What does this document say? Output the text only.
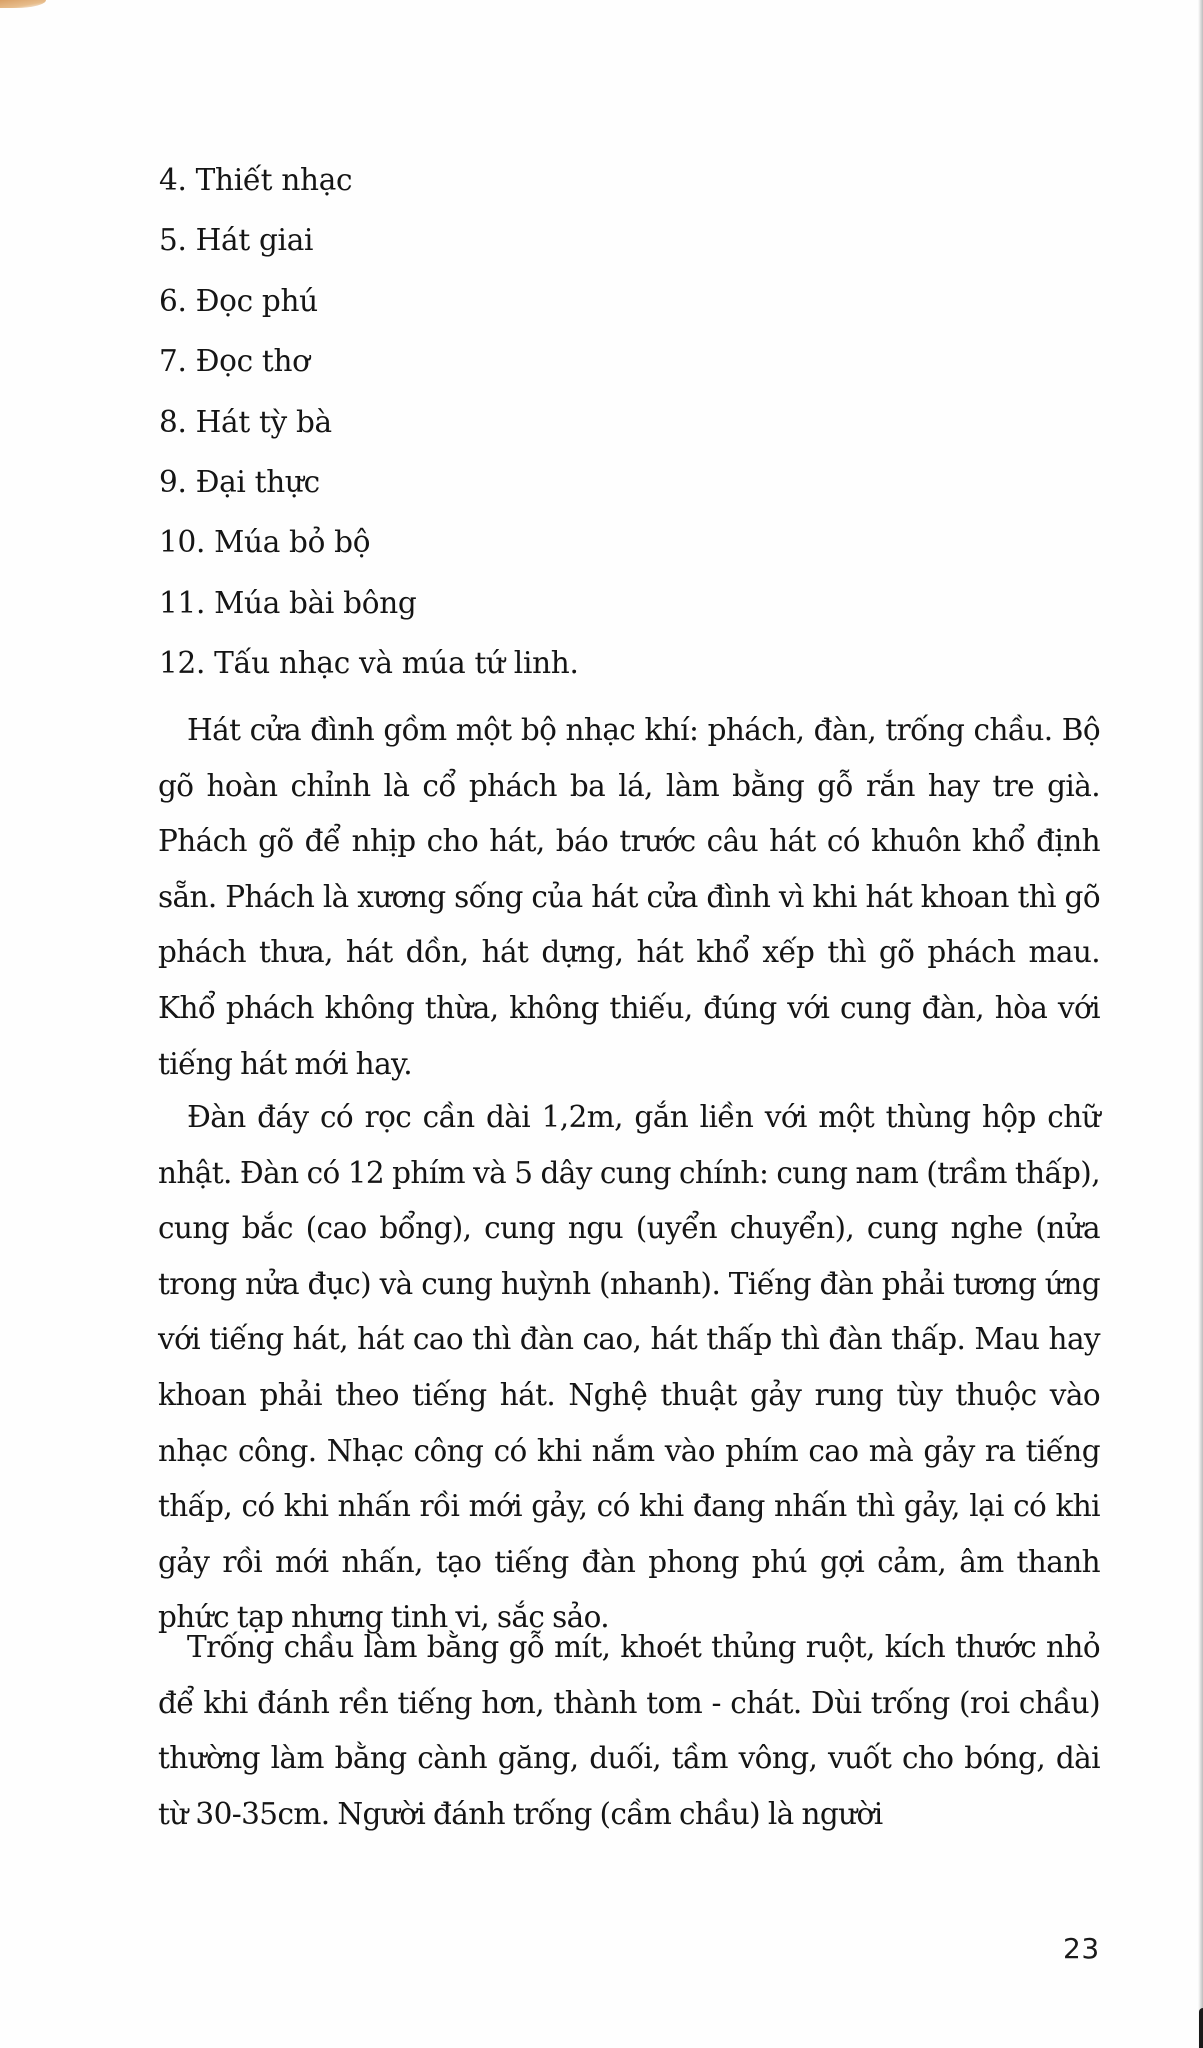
4. Thiết nhạc
5. Hát giai
6. Đọc phú
7. Đọc thơ
8. Hát tỳ bà
9. Đại thực
10. Múa bỏ bộ
11. Múa bài bông
12. Tấu nhạc và múa tứ linh.

Hát cửa đình gồm một bộ nhạc khí: phách, đàn, trống chầu. Bộ gõ hoàn chỉnh là cổ phách ba lá, làm bằng gỗ rắn hay tre già. Phách gõ để nhịp cho hát, báo trước câu hát có khuôn khổ định sẵn. Phách là xương sống của hát cửa đình vì khi hát khoan thì gõ phách thưa, hát dồn, hát dựng, hát khổ xếp thì gõ phách mau. Khổ phách không thừa, không thiếu, đúng với cung đàn, hòa với tiếng hát mới hay.

Đàn đáy có rọc cần dài 1,2m, gắn liền với một thùng hộp chữ nhật. Đàn có 12 phím và 5 dây cung chính: cung nam (trầm thấp), cung bắc (cao bổng), cung ngu (uyển chuyển), cung nghe (nửa trong nửa đục) và cung huỳnh (nhanh). Tiếng đàn phải tương ứng với tiếng hát, hát cao thì đàn cao, hát thấp thì đàn thấp. Mau hay khoan phải theo tiếng hát. Nghệ thuật gảy rung tùy thuộc vào nhạc công. Nhạc công có khi nắm vào phím cao mà gảy ra tiếng thấp, có khi nhấn rồi mới gảy, có khi đang nhấn thì gảy, lại có khi gảy rồi mới nhấn, tạo tiếng đàn phong phú gợi cảm, âm thanh phức tạp nhưng tinh vi, sắc sảo.

Trống chầu làm bằng gỗ mít, khoét thủng ruột, kích thước nhỏ để khi đánh rền tiếng hơn, thành tom - chát. Dùi trống (roi chầu) thường làm bằng cành găng, duối, tầm vông, vuốt cho bóng, dài từ 30-35cm. Người đánh trống (cầm chầu) là người

23
